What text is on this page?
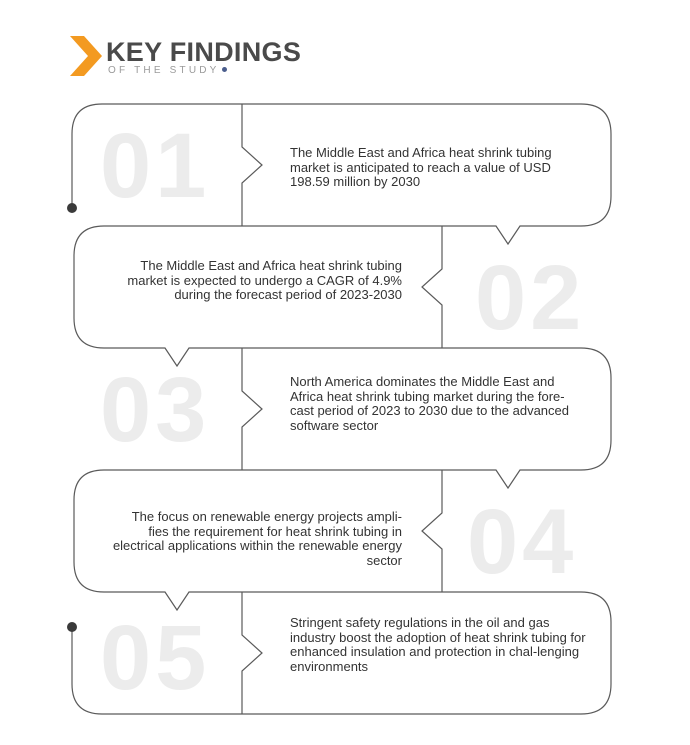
KEY FINDINGS
OF THE STUDY
01	The Middle East and Africa heat shrink tubing market is anticipated to reach a value of USD 198.59 million by 2030
02
The Middle East and Africa heat shrink tubing market is expected to undergo a CAGR of 4.9% during the forecast period of 2023-2030
03	North America dominates the Middle East and Africa heat shrink tubing market during the fore-cast period of 2023 to 2030 due to the advanced software sector
04
The focus on renewable energy projects ampli-fies the requirement for heat shrink tubing in electrical applications within the renewable energy sector
05	Stringent safety regulations in the oil and gas industry boost the adoption of heat shrink tubing for enhanced insulation and protection in chal-lenging environments
